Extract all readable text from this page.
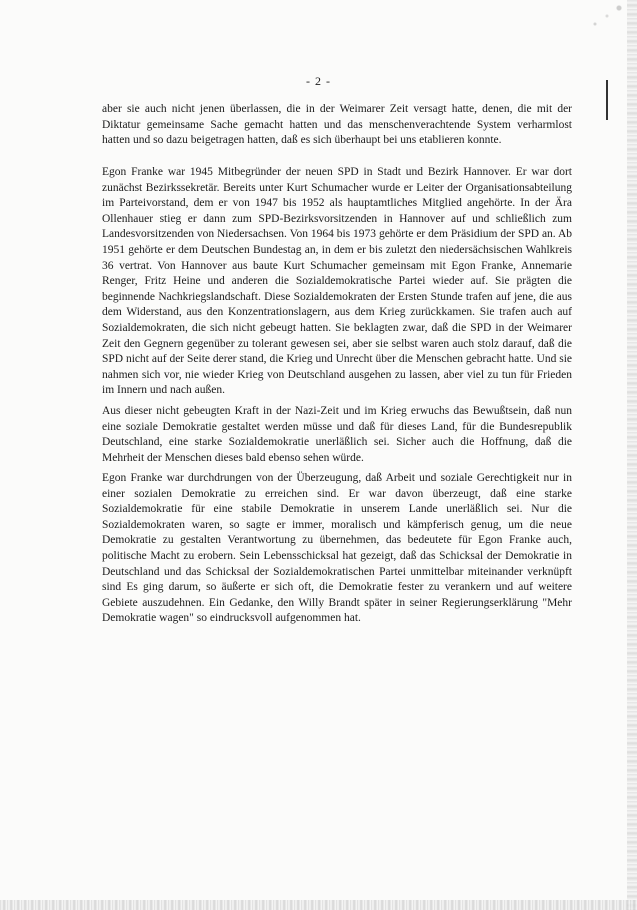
- 2 -

aber sie auch nicht jenen überlassen, die in der Weimarer Zeit versagt hatte, denen, die mit der Diktatur gemeinsame Sache gemacht hatten und das menschenverachtende System verharmlost hatten und so dazu beigetragen hatten, daß es sich überhaupt bei uns etablieren konnte.

Egon Franke war 1945 Mitbegründer der neuen SPD in Stadt und Bezirk Hannover. Er war dort zunächst Bezirkssekretär. Bereits unter Kurt Schumacher wurde er Leiter der Organisationsabteilung im Parteivorstand, dem er von 1947 bis 1952 als hauptamtliches Mitglied angehörte. In der Ära Ollenhauer stieg er dann zum SPD-Bezirksvorsitzenden in Hannover auf und schließlich zum Landesvorsitzenden von Niedersachsen. Von 1964 bis 1973 gehörte er dem Präsidium der SPD an. Ab 1951 gehörte er dem Deutschen Bundestag an, in dem er bis zuletzt den niedersächsischen Wahlkreis 36 vertrat. Von Hannover aus baute Kurt Schumacher gemeinsam mit Egon Franke, Annemarie Renger, Fritz Heine und anderen die Sozialdemokratische Partei wieder auf. Sie prägten die beginnende Nachkriegslandschaft. Diese Sozialdemokraten der Ersten Stunde trafen auf jene, die aus dem Widerstand, aus den Konzentrationslagern, aus dem Krieg zurückkamen. Sie trafen auch auf Sozialdemokraten, die sich nicht gebeugt hatten. Sie beklagten zwar, daß die SPD in der Weimarer Zeit den Gegnern gegenüber zu tolerant gewesen sei, aber sie selbst waren auch stolz darauf, daß die SPD nicht auf der Seite derer stand, die Krieg und Unrecht über die Menschen gebracht hatte. Und sie nahmen sich vor, nie wieder Krieg von Deutschland ausgehen zu lassen, aber viel zu tun für Frieden im Innern und nach außen.

Aus dieser nicht gebeugten Kraft in der Nazi-Zeit und im Krieg erwuchs das Bewußtsein, daß nun eine soziale Demokratie gestaltet werden müsse und daß für dieses Land, für die Bundesrepublik Deutschland, eine starke Sozialdemokratie unerläßlich sei. Sicher auch die Hoffnung, daß die Mehrheit der Menschen dieses bald ebenso sehen würde.

Egon Franke war durchdrungen von der Überzeugung, daß Arbeit und soziale Gerechtigkeit nur in einer sozialen Demokratie zu erreichen sind. Er war davon überzeugt, daß eine starke Sozialdemokratie für eine stabile Demokratie in unserem Lande unerläßlich sei. Nur die Sozialdemokraten waren, so sagte er immer, moralisch und kämpferisch genug, um die neue Demokratie zu gestalten Verantwortung zu übernehmen, das bedeutete für Egon Franke auch, politische Macht zu erobern. Sein Lebensschicksal hat gezeigt, daß das Schicksal der Demokratie in Deutschland und das Schicksal der Sozialdemokratischen Partei unmittelbar miteinander verknüpft sind Es ging darum, so äußerte er sich oft, die Demokratie fester zu verankern und auf weitere Gebiete auszudehnen. Ein Gedanke, den Willy Brandt später in seiner Regierungserklärung "Mehr Demokratie wagen" so eindrucksvoll aufgenommen hat.
